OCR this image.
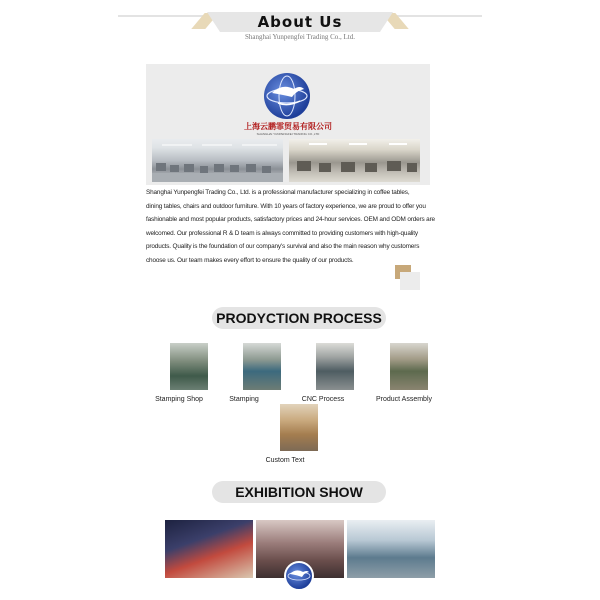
About Us
Shanghai Yunpengfei Trading Co., Ltd.
上海云鹏霏贸易有限公司
SHANGHAI YUNPENGFEI TRADING CO.,LTD
Shanghai Yunpengfei Trading Co., Ltd. is a professional manufacturer specializing in coffee tables,
dining tables, chairs and outdoor furniture. With 10 years of factory experience, we are proud to offer you
fashionable and most popular products, satisfactory prices and 24-hour services. OEM and ODM orders are
welcomed. Our professional R & D team is always committed to providing customers with high-quality
products. Quality is the foundation of our company's survival and also the main reason why customers
choose us. Our team makes every effort to ensure the quality of our products.
PRODYCTION PROCESS
Stamping Shop	Stamping	CNC Process	Product Assembly
Custom Text
EXHIBITION SHOW
